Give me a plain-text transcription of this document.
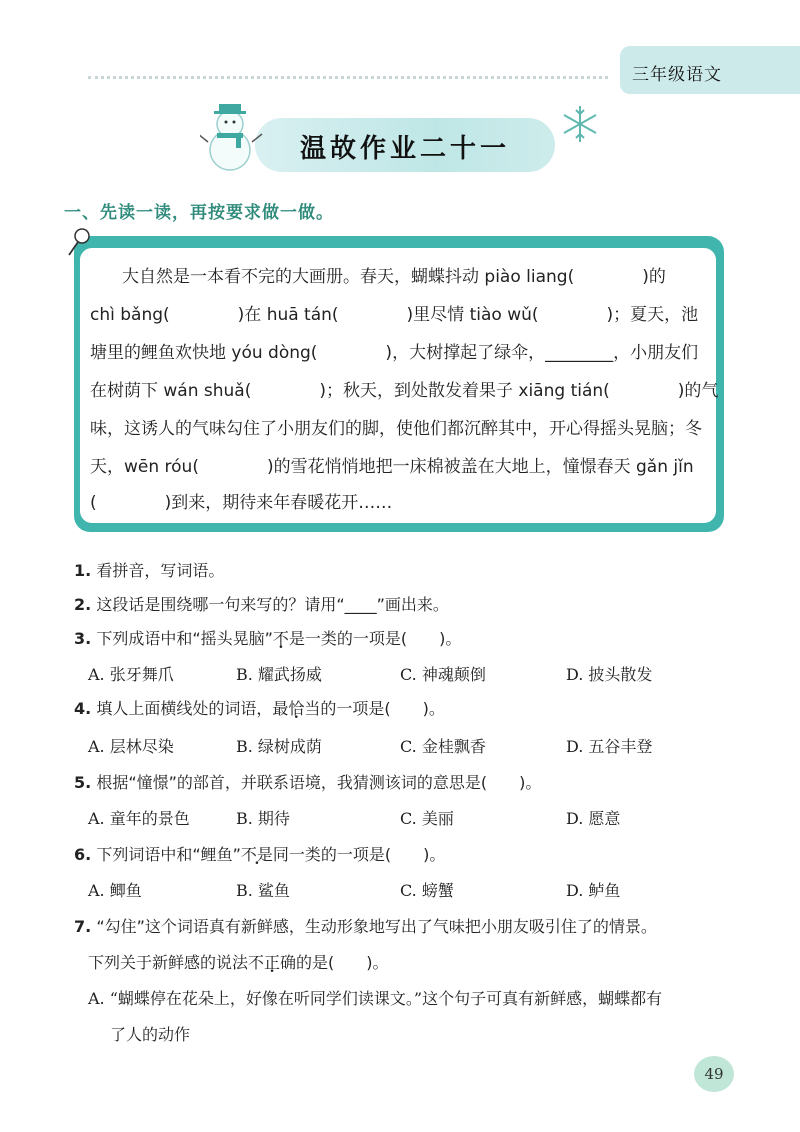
三年级语文
温故作业二十一
一、先读一读，再按要求做一做。
大自然是一本看不完的大画册。春天，蝴蝶抖动 piào liang(　　　　)的
chì bǎng(　　　　)在 huā tán(　　　　)里尽情 tiào wǔ(　　　　)；夏天，池
塘里的鲤鱼欢快地 yóu dòng(　　　　)，大树撑起了绿伞，________，小朋友们
在树荫下 wán shuǎ(　　　　)；秋天，到处散发着果子 xiāng tián(　　　　)的气
味，这诱人的气味勾住了小朋友们的脚，使他们都沉醉其中，开心得摇头晃脑；冬
天，wēn róu(　　　　)的雪花悄悄地把一床棉被盖在大地上，憧憬春天 gǎn jǐn
(　　　　)到来，期待来年春暖花开……
1. 看拼音，写词语。
2. 这段话是围绕哪一句来写的？请用“____”画出来。
3. 下列成语中和“摇头晃脑”不是一类的一项是(　　)。
A. 张牙舞爪	B. 耀武扬威	C. 神魂颠倒	D. 披头散发
4. 填人上面横线处的词语，最恰当的一项是(　　)。
A. 层林尽染	B. 绿树成荫	C. 金桂飘香	D. 五谷丰登
5. 根据“憧憬”的部首，并联系语境，我猜测该词的意思是(　　)。
A. 童年的景色	B. 期待	C. 美丽	D. 愿意
6. 下列词语中和“鲤鱼”不是同一类的一项是(　　)。
A. 鲫鱼	B. 鲨鱼	C. 螃蟹	D. 鲈鱼
7. “勾住”这个词语真有新鲜感，生动形象地写出了气味把小朋友吸引住了的情景。
下列关于新鲜感的说法不正确的是(　　)。
A. “蝴蝶停在花朵上，好像在听同学们读课文。”这个句子可真有新鲜感，蝴蝶都有
了人的动作
49
